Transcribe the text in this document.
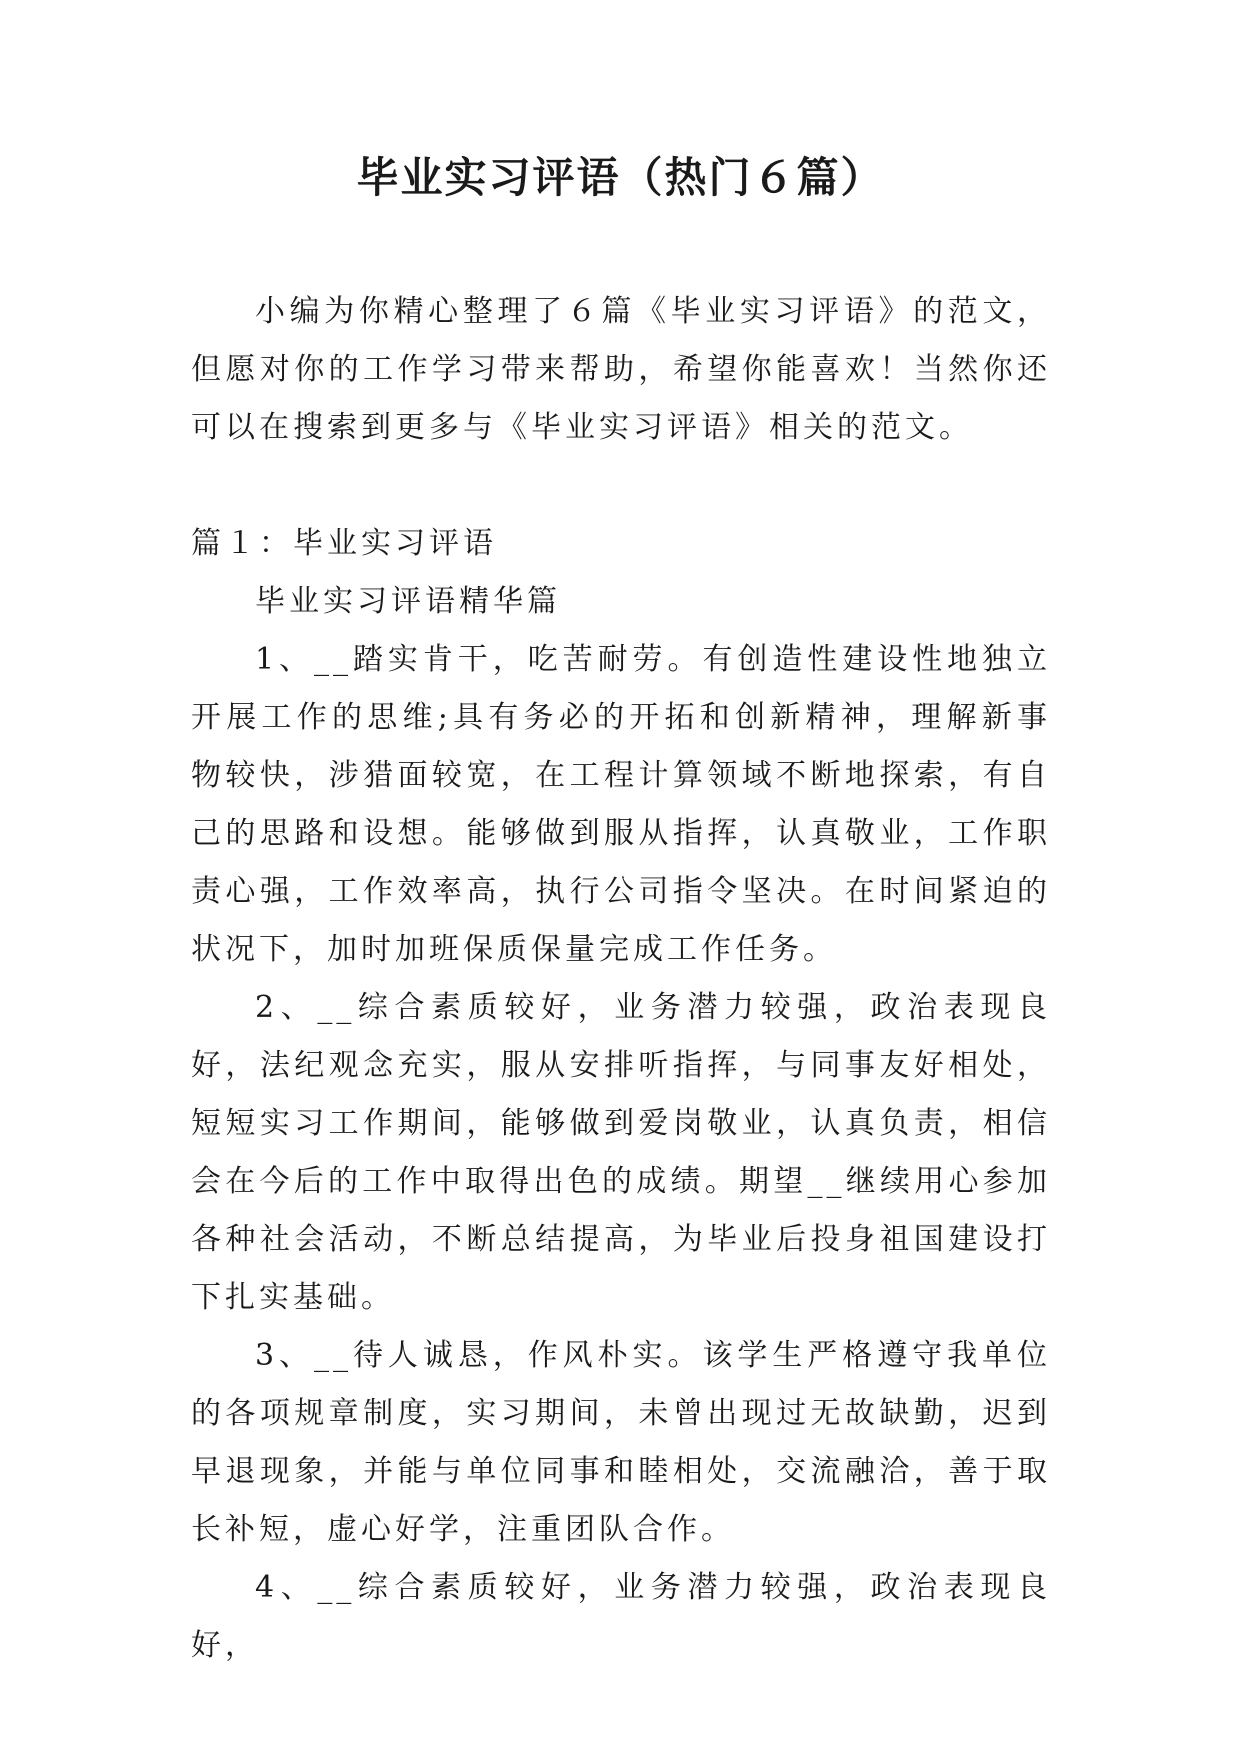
毕业实习评语（热门６篇）

小编为你精心整理了６篇《毕业实习评语》的范文，但愿对你的工作学习带来帮助，希望你能喜欢！当然你还可以在搜索到更多与《毕业实习评语》相关的范文。

篇１：毕业实习评语

毕业实习评语精华篇

1、__踏实肯干，吃苦耐劳。有创造性建设性地独立开展工作的思维;具有务必的开拓和创新精神，理解新事物较快，涉猎面较宽，在工程计算领域不断地探索，有自己的思路和设想。能够做到服从指挥，认真敬业，工作职责心强，工作效率高，执行公司指令坚决。在时间紧迫的状况下，加时加班保质保量完成工作任务。

2、__综合素质较好，业务潜力较强，政治表现良好，法纪观念充实，服从安排听指挥，与同事友好相处，短短实习工作期间，能够做到爱岗敬业，认真负责，相信会在今后的工作中取得出色的成绩。期望__继续用心参加各种社会活动，不断总结提高，为毕业后投身祖国建设打下扎实基础。

3、__待人诚恳，作风朴实。该学生严格遵守我单位的各项规章制度，实习期间，未曾出现过无故缺勤，迟到早退现象，并能与单位同事和睦相处，交流融洽，善于取长补短，虚心好学，注重团队合作。

4、__综合素质较好，业务潜力较强，政治表现良好，
